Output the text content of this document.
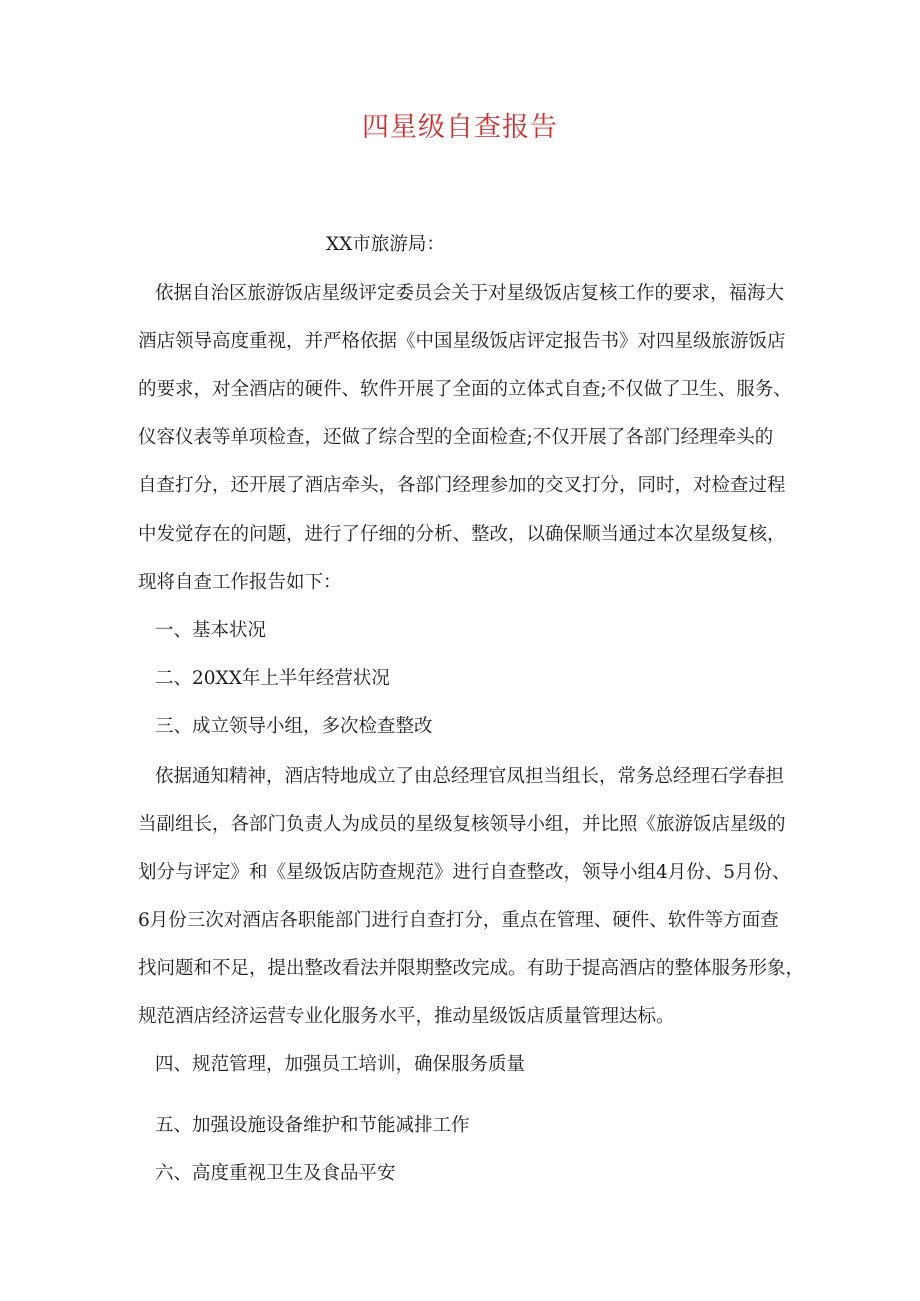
四星级自查报告
XX市旅游局：
依据自治区旅游饭店星级评定委员会关于对星级饭店复核工作的要求，福海大
酒店领导高度重视，并严格依据《中国星级饭店评定报告书》对四星级旅游饭店
的要求，对全酒店的硬件、软件开展了全面的立体式自查;不仅做了卫生、服务、
仪容仪表等单项检查，还做了综合型的全面检查;不仅开展了各部门经理牵头的
自查打分，还开展了酒店牵头，各部门经理参加的交叉打分，同时，对检查过程
中发觉存在的问题，进行了仔细的分析、整改，以确保顺当通过本次星级复核，
现将自查工作报告如下：
一、基本状况
二、20XX年上半年经营状况
三、成立领导小组，多次检查整改
依据通知精神，酒店特地成立了由总经理官凤担当组长，常务总经理石学春担
当副组长，各部门负责人为成员的星级复核领导小组，并比照《旅游饭店星级的
划分与评定》和《星级饭店防查规范》进行自查整改，领导小组4月份、5月份、
6月份三次对酒店各职能部门进行自查打分，重点在管理、硬件、软件等方面查
找问题和不足，提出整改看法并限期整改完成。有助于提高酒店的整体服务形象，
规范酒店经济运营专业化服务水平，推动星级饭店质量管理达标。
四、规范管理，加强员工培训，确保服务质量
五、加强设施设备维护和节能减排工作
六、高度重视卫生及食品平安
